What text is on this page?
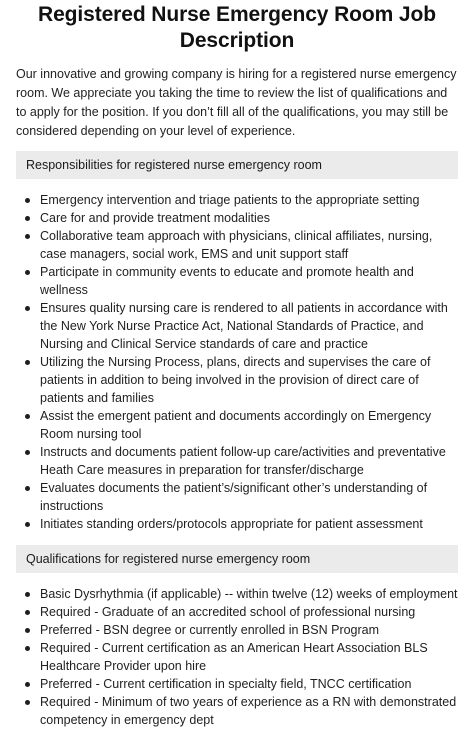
Registered Nurse Emergency Room Job Description

Our innovative and growing company is hiring for a registered nurse emergency room. We appreciate you taking the time to review the list of qualifications and to apply for the position. If you don’t fill all of the qualifications, you may still be considered depending on your level of experience.

Responsibilities for registered nurse emergency room
Emergency intervention and triage patients to the appropriate setting
Care for and provide treatment modalities
Collaborative team approach with physicians, clinical affiliates, nursing, case managers, social work, EMS and unit support staff
Participate in community events to educate and promote health and wellness
Ensures quality nursing care is rendered to all patients in accordance with the New York Nurse Practice Act, National Standards of Practice, and Nursing and Clinical Service standards of care and practice
Utilizing the Nursing Process, plans, directs and supervises the care of patients in addition to being involved in the provision of direct care of patients and families
Assist the emergent patient and documents accordingly on Emergency Room nursing tool
Instructs and documents patient follow-up care/activities and preventative Heath Care measures in preparation for transfer/discharge
Evaluates documents the patient’s/significant other’s understanding of instructions
Initiates standing orders/protocols appropriate for patient assessment
Qualifications for registered nurse emergency room
Basic Dysrhythmia (if applicable) -- within twelve (12) weeks of employment
Required - Graduate of an accredited school of professional nursing
Preferred - BSN degree or currently enrolled in BSN Program
Required - Current certification as an American Heart Association BLS Healthcare Provider upon hire
Preferred - Current certification in specialty field, TNCC certification
Required - Minimum of two years of experience as a RN with demonstrated competency in emergency dept
